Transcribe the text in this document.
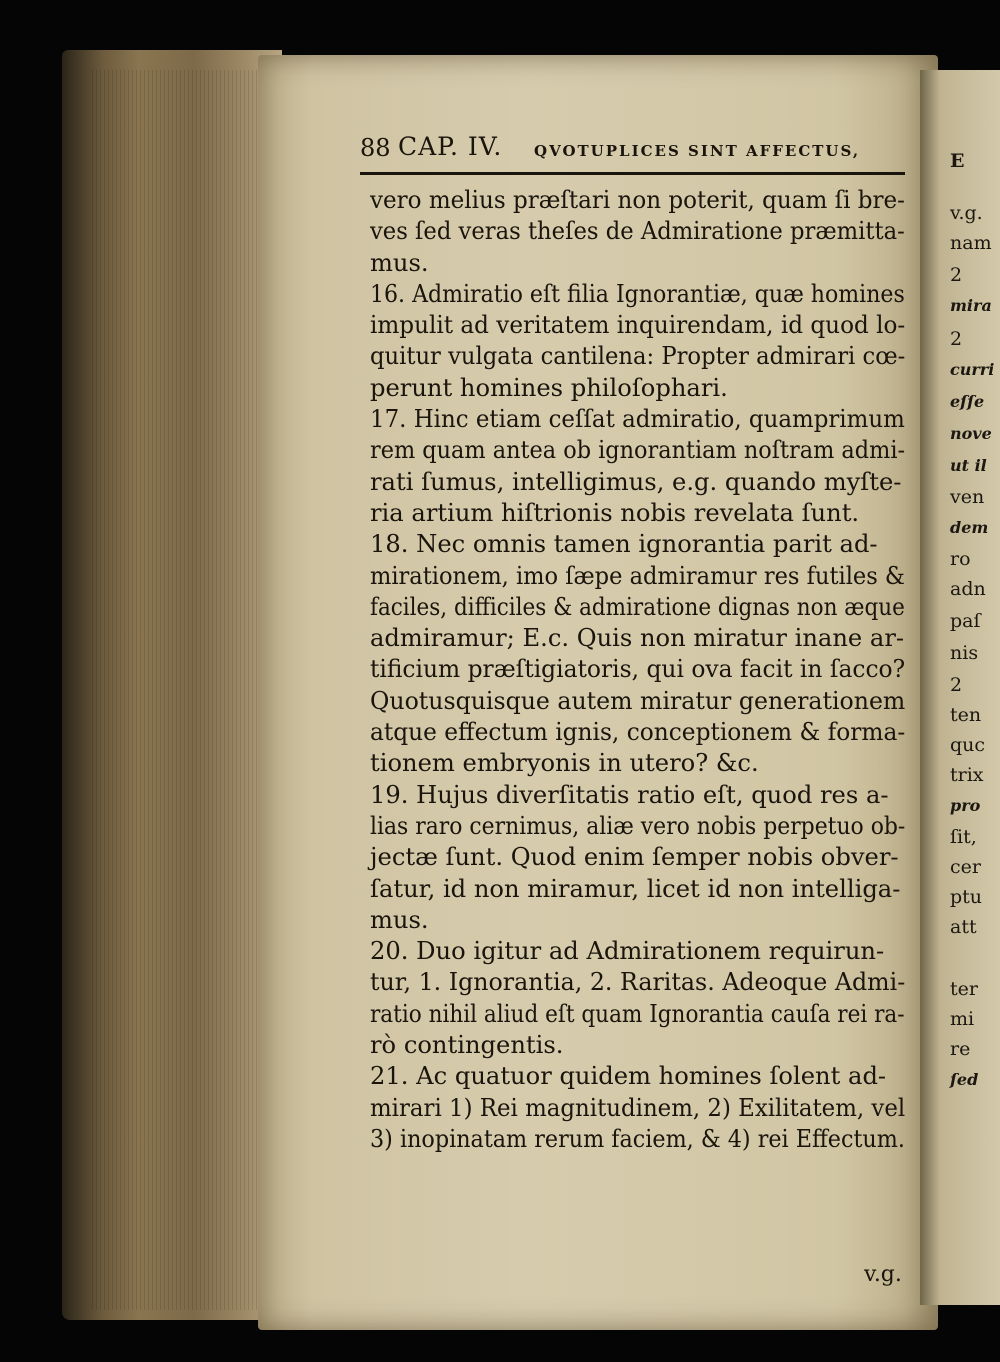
E
v.g.
nam
2
mira
2
curri
eſſe
nove
ut il
ven
dem
ro
adn
paſ
nis
2
ten
quc
trix
pro
ſit,
cer
ptu
att
ter
mi
re
ſed
88 CAP. IV. QVOTUPLICES SINT AFFECTUS,
vero melius præſtari non poterit, quam ſi bre-
ves ſed veras theſes de Admiratione præmitta-
mus.
16. Admiratio eſt filia Ignorantiæ, quæ homines
impulit ad veritatem inquirendam, id quod lo-
quitur vulgata cantilena: Propter admirari cœ-
perunt homines philoſophari.
17. Hinc etiam ceſſat admiratio, quamprimum
rem quam antea ob ignorantiam noſtram admi-
rati ſumus, intelligimus, e.g. quando myſte-
ria artium hiſtrionis nobis revelata ſunt.
18. Nec omnis tamen ignorantia parit ad-
mirationem, imo ſæpe admiramur res futiles &
faciles, difficiles & admiratione dignas non æque
admiramur; E.c. Quis non miratur inane ar-
tificium præſtigiatoris, qui ova facit in ſacco?
Quotusquisque autem miratur generationem
atque effectum ignis, conceptionem & forma-
tionem embryonis in utero? &c.
19. Hujus diverſitatis ratio eſt, quod res a-
lias raro cernimus, aliæ vero nobis perpetuo ob-
jectæ ſunt. Quod enim ſemper nobis obver-
ſatur, id non miramur, licet id non intelliga-
mus.
20. Duo igitur ad Admirationem requirun-
tur, 1. Ignorantia, 2. Raritas. Adeoque Admi-
ratio nihil aliud eſt quam Ignorantia cauſa rei ra-
rò contingentis.
21. Ac quatuor quidem homines ſolent ad-
mirari 1) Rei magnitudinem, 2) Exilitatem, vel
3) inopinatam rerum faciem, & 4) rei Effectum.
v.g.
